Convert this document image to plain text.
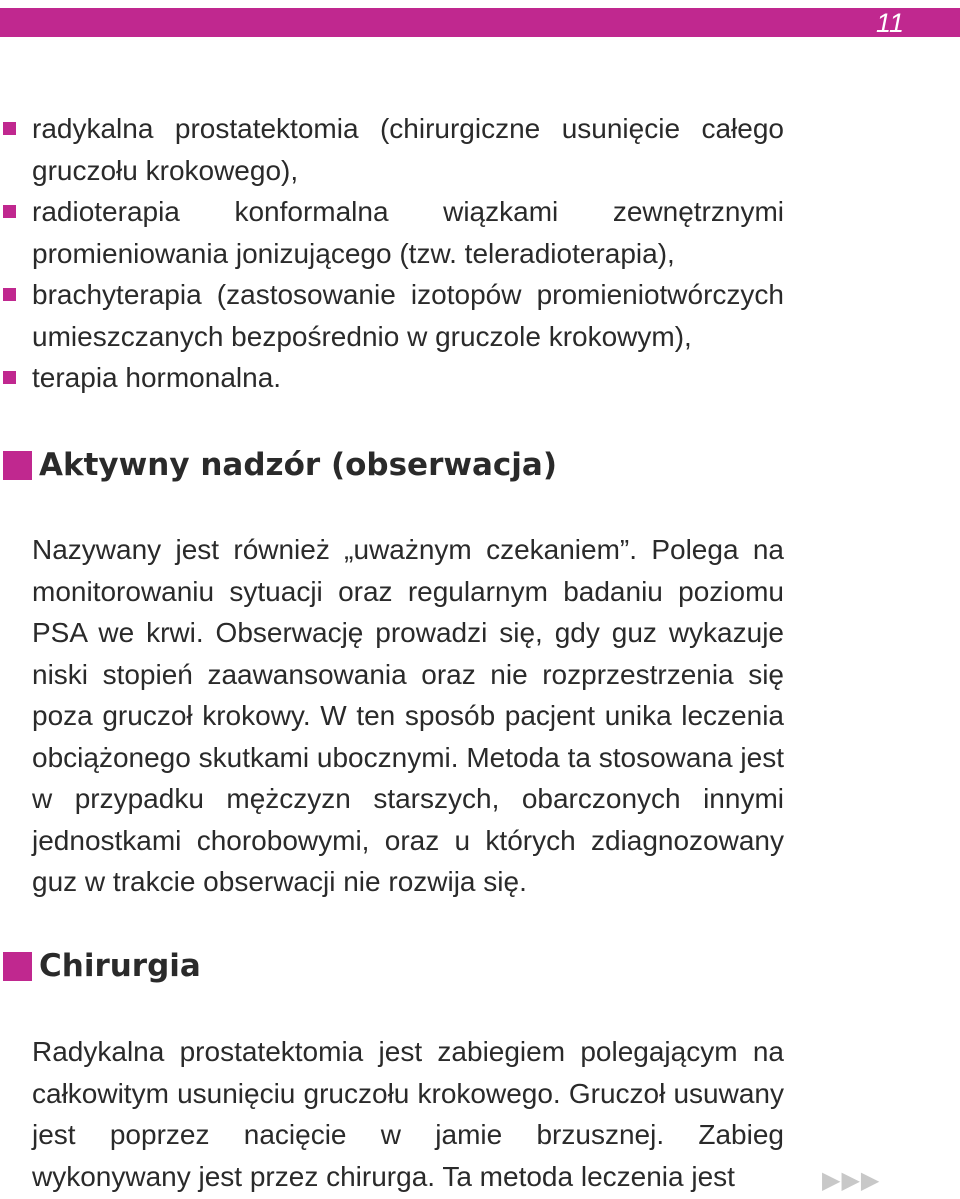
11
radykalna prostatektomia (chirurgiczne usunięcie całego gruczołu krokowego),
radioterapia konformalna wiązkami zewnętrznymi promieniowania jonizującego (tzw. teleradioterapia),
brachyterapia (zastosowanie izotopów promieniotwórczych umieszczanych bezpośrednio w gruczole krokowym),
terapia hormonalna.
Aktywny nadzór (obserwacja)

Nazywany jest również „uważnym czekaniem”. Polega na monitorowaniu sytuacji oraz regularnym badaniu poziomu PSA we krwi. Obserwację prowadzi się, gdy guz wykazuje niski stopień zaawansowania oraz nie rozprzestrzenia się poza gruczoł krokowy. W ten sposób pacjent unika leczenia obciążonego skutkami ubocznymi. Metoda ta stosowana jest w przypadku mężczyzn starszych, obarczonych innymi jednostkami chorobowymi, oraz u których zdiagnozowany guz w trakcie obserwacji nie rozwija się.

Chirurgia

Radykalna prostatektomia jest zabiegiem polegającym na całkowitym usunięciu gruczołu krokowego. Gruczoł usuwany jest poprzez nacięcie w jamie brzusznej. Zabieg wykonywany jest przez chirurga. Ta metoda leczenia jest	▶▶▶
